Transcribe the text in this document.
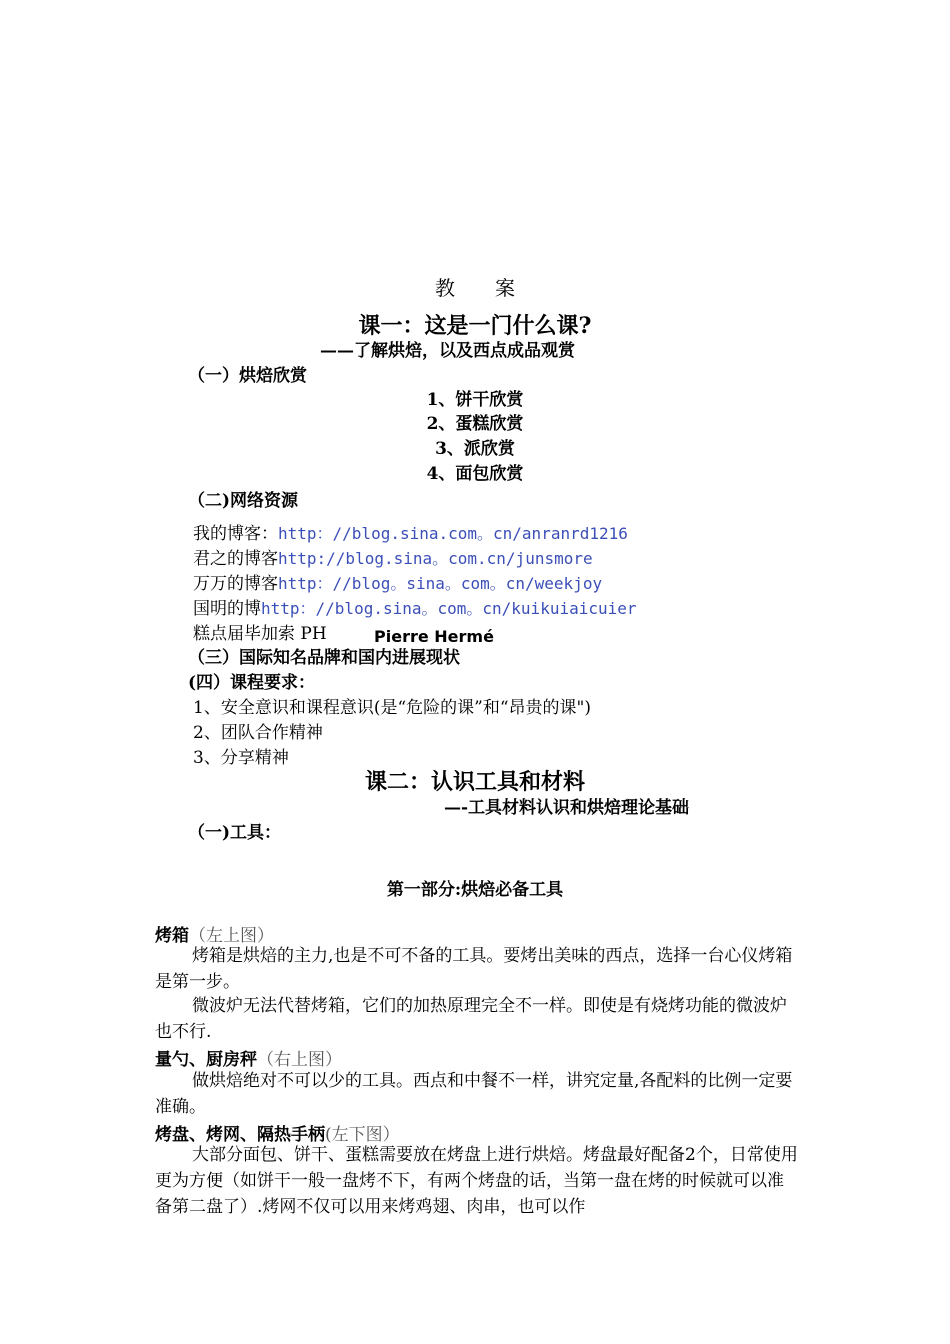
教　　案
课一：这是一门什么课?
——了解烘焙，以及西点成品观赏
（一）烘焙欣赏
1、饼干欣赏
2、蛋糕欣赏
3、派欣赏
4、面包欣赏
（二)网络资源
我的博客：http：//blog.sina.com。cn/anranrd1216
君之的博客http://blog.sina。com.cn/junsmore
万万的博客http：//blog。sina。com。cn/weekjoy
国明的博http：//blog.sina。com。cn/kuikuiaicuier
糕点届毕加索 PH	Pierre Hermé
（三）国际知名品牌和国内进展现状
(四）课程要求：
1、安全意识和课程意识(是“危险的课”和“昂贵的课")
2、团队合作精神
3、分享精神
课二：认识工具和材料
—-工具材料认识和烘焙理论基础
（一)工具：
第一部分:烘焙必备工具
烤箱（左上图）
烤箱是烘焙的主力,也是不可不备的工具。要烤出美味的西点，选择一台心仪烤箱是第一步。
微波炉无法代替烤箱，它们的加热原理完全不一样。即使是有烧烤功能的微波炉也不行.
量勺、厨房秤（右上图）
做烘焙绝对不可以少的工具。西点和中餐不一样，讲究定量,各配料的比例一定要准确。
烤盘、烤网、隔热手柄(左下图）
大部分面包、饼干、蛋糕需要放在烤盘上进行烘焙。烤盘最好配备2个，日常使用更为方便（如饼干一般一盘烤不下，有两个烤盘的话，当第一盘在烤的时候就可以准备第二盘了）.烤网不仅可以用来烤鸡翅、肉串，也可以作
